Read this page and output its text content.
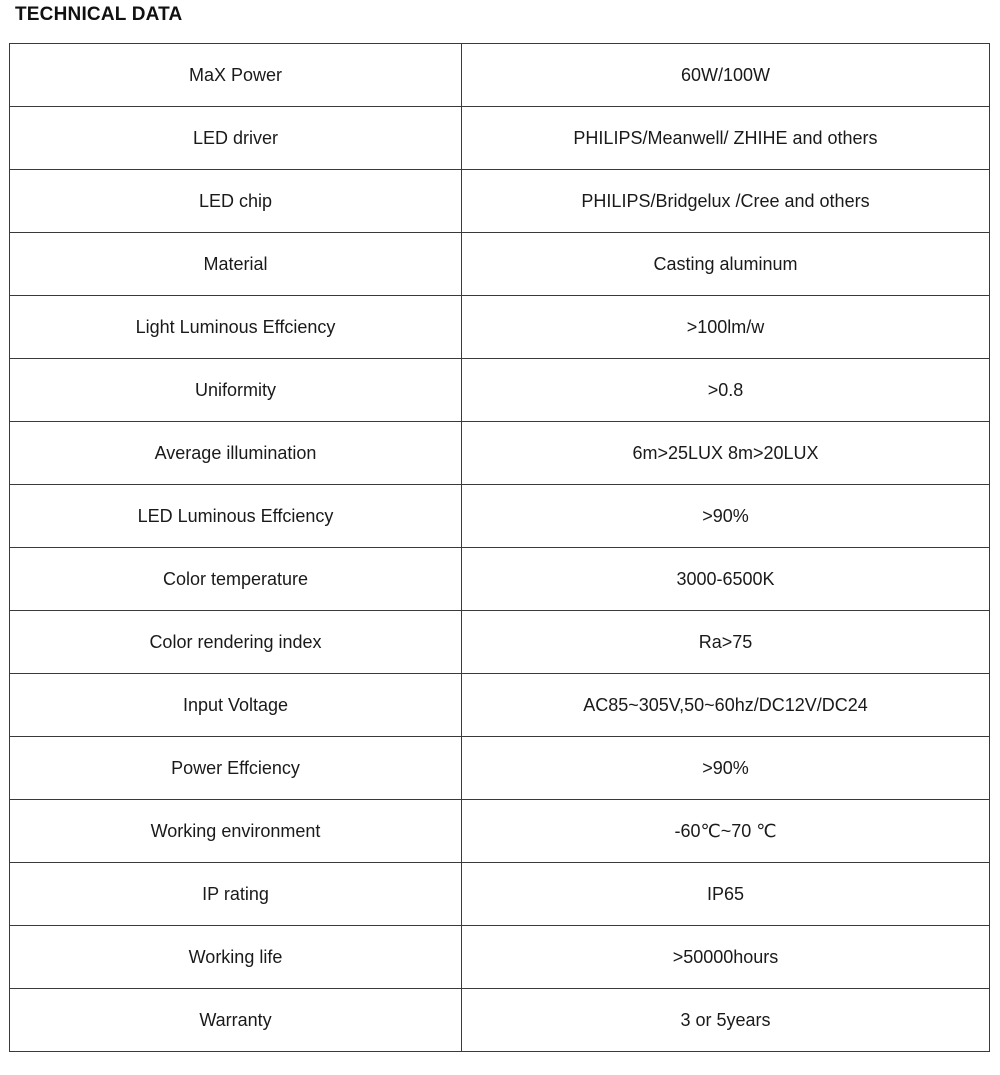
TECHNICAL DATA
MaX Power	60W/100W
LED driver	PHILIPS/Meanwell/ ZHIHE and others
LED chip	PHILIPS/Bridgelux /Cree and others
Material	Casting aluminum
Light Luminous Effciency	>100lm/w
Uniformity	>0.8
Average illumination	6m>25LUX 8m>20LUX
LED Luminous Effciency	>90%
Color temperature	3000-6500K
Color rendering index	Ra>75
Input Voltage	AC85~305V,50~60hz/DC12V/DC24
Power Effciency	>90%
Working environment	-60℃~70 ℃
IP rating	IP65
Working life	>50000hours
Warranty	3 or 5years
